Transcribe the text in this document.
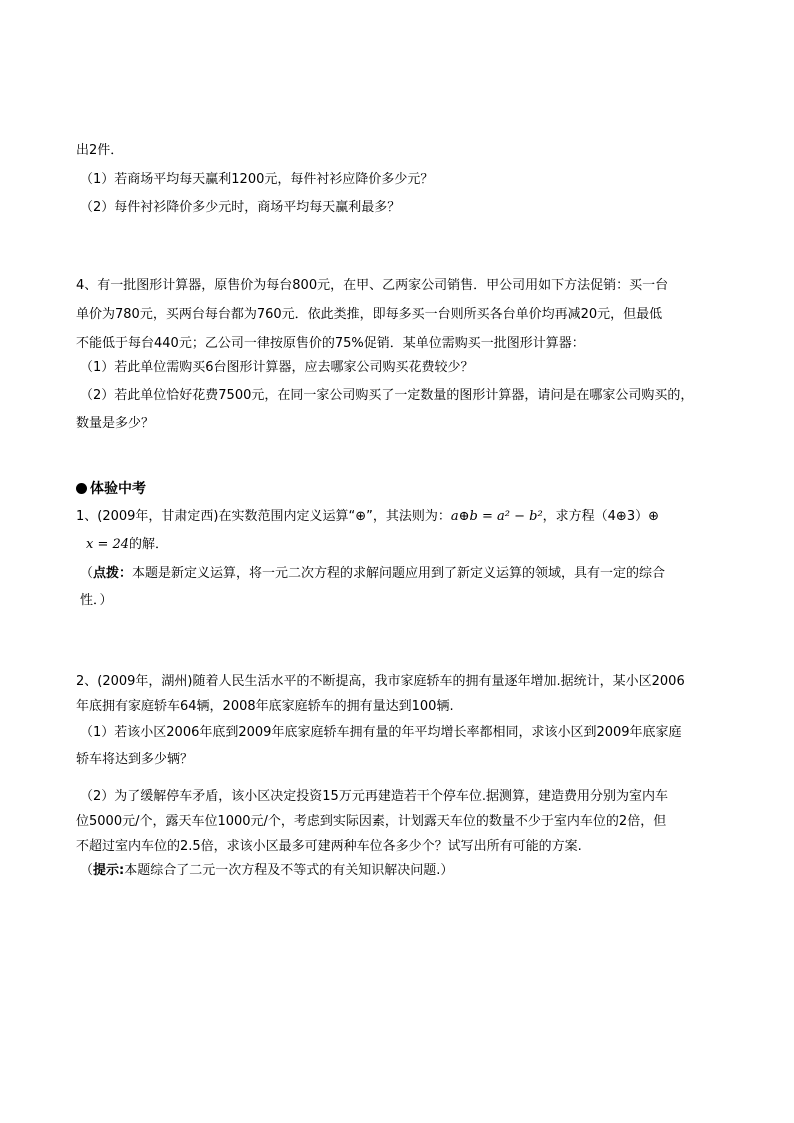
出2件．
（1）若商场平均每天赢利1200元，每件衬衫应降价多少元？
（2）每件衬衫降价多少元时，商场平均每天赢利最多？
4、有一批图形计算器，原售价为每台800元，在甲、乙两家公司销售．甲公司用如下方法促销：买一台
单价为780元，买两台每台都为760元．依此类推，即每多买一台则所买各台单价均再减20元，但最低
不能低于每台440元；乙公司一律按原售价的75%促销．某单位需购买一批图形计算器：
（1）若此单位需购买6台图形计算器，应去哪家公司购买花费较少？
（2）若此单位恰好花费7500元，在同一家公司购买了一定数量的图形计算器，请问是在哪家公司购买的，
数量是多少？
体验中考
1、(2009年，甘肃定西)在实数范围内定义运算“⊕”，其法则为：a⊕b = a² − b²，求方程（4⊕3）⊕
x = 24的解．
（点拨：本题是新定义运算，将一元二次方程的求解问题应用到了新定义运算的领域，具有一定的综合
性．）
2、(2009年，湖州)随着人民生活水平的不断提高，我市家庭轿车的拥有量逐年增加.据统计，某小区2006
年底拥有家庭轿车64辆，2008年底家庭轿车的拥有量达到100辆.
（1）若该小区2006年底到2009年底家庭轿车拥有量的年平均增长率都相同，求该小区到2009年底家庭
轿车将达到多少辆？
（2）为了缓解停车矛盾，该小区决定投资15万元再建造若干个停车位.据测算，建造费用分别为室内车
位5000元/个，露天车位1000元/个，考虑到实际因素，计划露天车位的数量不少于室内车位的2倍，但
不超过室内车位的2.5倍，求该小区最多可建两种车位各多少个？试写出所有可能的方案.
（提示:本题综合了二元一次方程及不等式的有关知识解决问题.）
